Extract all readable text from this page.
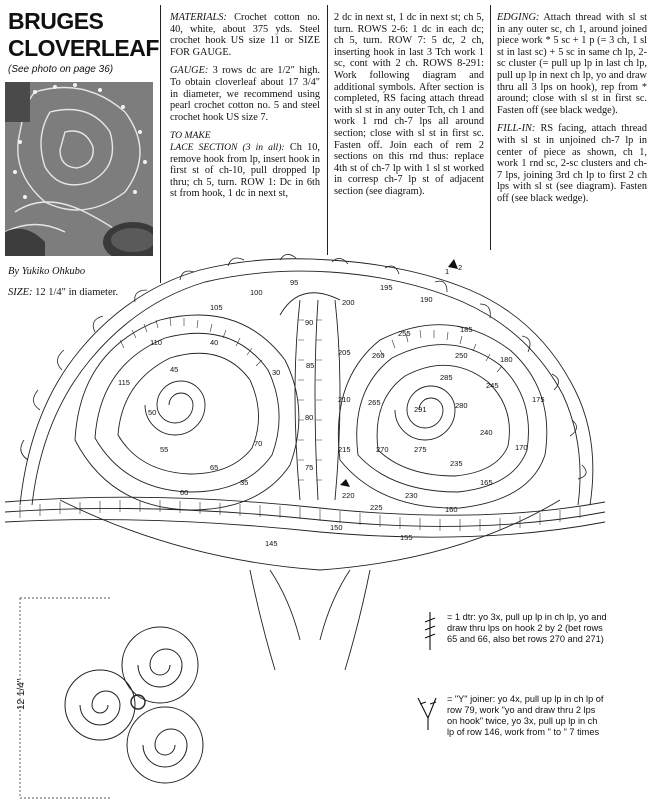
BRUGES
CLOVERLEAF
(See photo on page 36)
By Yukiko Ohkubo
SIZE: 12 1/4" in diameter.

MATERIALS: Crochet cotton no. 40, white, about 375 yds. Steel crochet hook US size 11 or SIZE FOR GAUGE.

GAUGE: 3 rows dc are 1/2" high. To obtain cloverleaf about 17 3/4" in diameter, we recommend using pearl crochet cotton no. 5 and steel crochet hook US size 7.

TO MAKE
LACE SECTION (3 in all): Ch 10, remove hook from lp, insert hook in first st of ch-10, pull dropped lp thru; ch 5, turn. ROW 1: Dc in 6th st from hook, 1 dc in next st,

2 dc in next st, 1 dc in next st; ch 5, turn. ROWS 2-6: 1 dc in each dc; ch 5, turn. ROW 7: 5 dc, 2 ch, inserting hook in last 3 Tch work 1 sc, cont with 2 ch. ROWS 8-291: Work following diagram and additional symbols. After section is completed, RS facing attach thread with sl st in any outer Tch, ch 1 and work 1 rnd ch-7 lps all around section; close with sl st in first sc. Fasten off. Join each of rem 2 sections on this rnd thus: replace 4th st of ch-7 lp with 1 sl st worked in corresp ch-7 lp st of adjacent section (see diagram).

EDGING: Attach thread with sl st in any outer sc, ch 1, around joined piece work * 5 sc + 1 p (= 3 ch, 1 sl st in last sc) + 5 sc in same ch lp, 2-sc cluster (= pull up lp in last ch lp, pull up lp in next ch lp, yo and draw thru all 3 lps on hook), rep from * around; close with sl st in first sc. Fasten off (see black wedge).

FILL-IN: RS facing, attach thread with sl st in unjoined ch-7 lp in center of piece as shown, ch 1, work 1 rnd sc, 2-sc clusters and ch-7 lps, joining 3rd ch lp to first 2 ch lps with sl st (see diagram). Fasten off (see black wedge).

100
105
110
115
90
95
40
45
50
55
60
65
70
75
80
85
30
35
145
150
155
160
165
170
175
180
185
190
195
200
205
210
215
220
225
230
235
240
245
250
255
260
265
270	275
280
285
291
1 2
12 1/4"
= 1 dtr: yo 3x, pull up lp in ch lp, yo and draw thru lps on hook 2 by 2 (bet rows 65 and 66, also bet rows 270 and 271)
= "Y" joiner: yo 4x, pull up lp in ch lp of row 79, work "yo and draw thru 2 lps on hook" twice, yo 3x, pull up lp in ch lp of row 146, work from " to " 7 times
